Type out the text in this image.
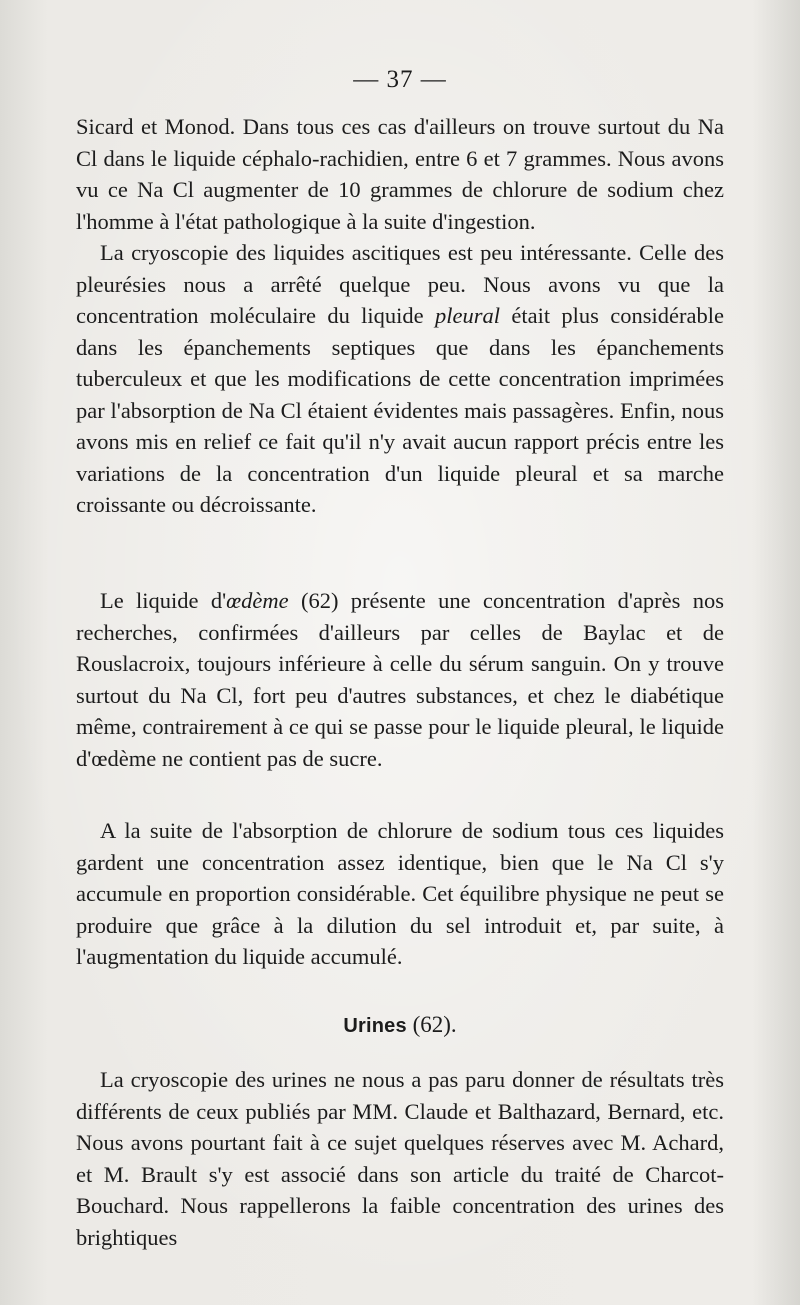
— 37 —

Sicard et Monod. Dans tous ces cas d'ailleurs on trouve surtout du Na Cl dans le liquide céphalo-rachidien, entre 6 et 7 grammes. Nous avons vu ce Na Cl augmenter de 10 grammes de chlorure de sodium chez l'homme à l'état pathologique à la suite d'ingestion.

La cryoscopie des liquides ascitiques est peu intéressante. Celle des pleurésies nous a arrêté quelque peu. Nous avons vu que la concentration moléculaire du liquide pleural était plus considérable dans les épanchements septiques que dans les épanchements tuberculeux et que les modifications de cette concentration imprimées par l'absorption de Na Cl étaient évidentes mais passagères. Enfin, nous avons mis en relief ce fait qu'il n'y avait aucun rapport précis entre les variations de la concentration d'un liquide pleural et sa marche croissante ou décroissante.

Le liquide d'œdème (62) présente une concentration d'après nos recherches, confirmées d'ailleurs par celles de Baylac et de Rouslacroix, toujours inférieure à celle du sérum sanguin. On y trouve surtout du Na Cl, fort peu d'autres substances, et chez le diabétique même, contrairement à ce qui se passe pour le liquide pleural, le liquide d'œdème ne contient pas de sucre.

A la suite de l'absorption de chlorure de sodium tous ces liquides gardent une concentration assez identique, bien que le Na Cl s'y accumule en proportion considérable. Cet équilibre physique ne peut se produire que grâce à la dilution du sel introduit et, par suite, à l'augmentation du liquide accumulé.

Urines (62).

La cryoscopie des urines ne nous a pas paru donner de résultats très différents de ceux publiés par MM. Claude et Balthazard, Bernard, etc. Nous avons pourtant fait à ce sujet quelques réserves avec M. Achard, et M. Brault s'y est associé dans son article du traité de Charcot-Bouchard. Nous rappellerons la faible concentration des urines des brightiques
